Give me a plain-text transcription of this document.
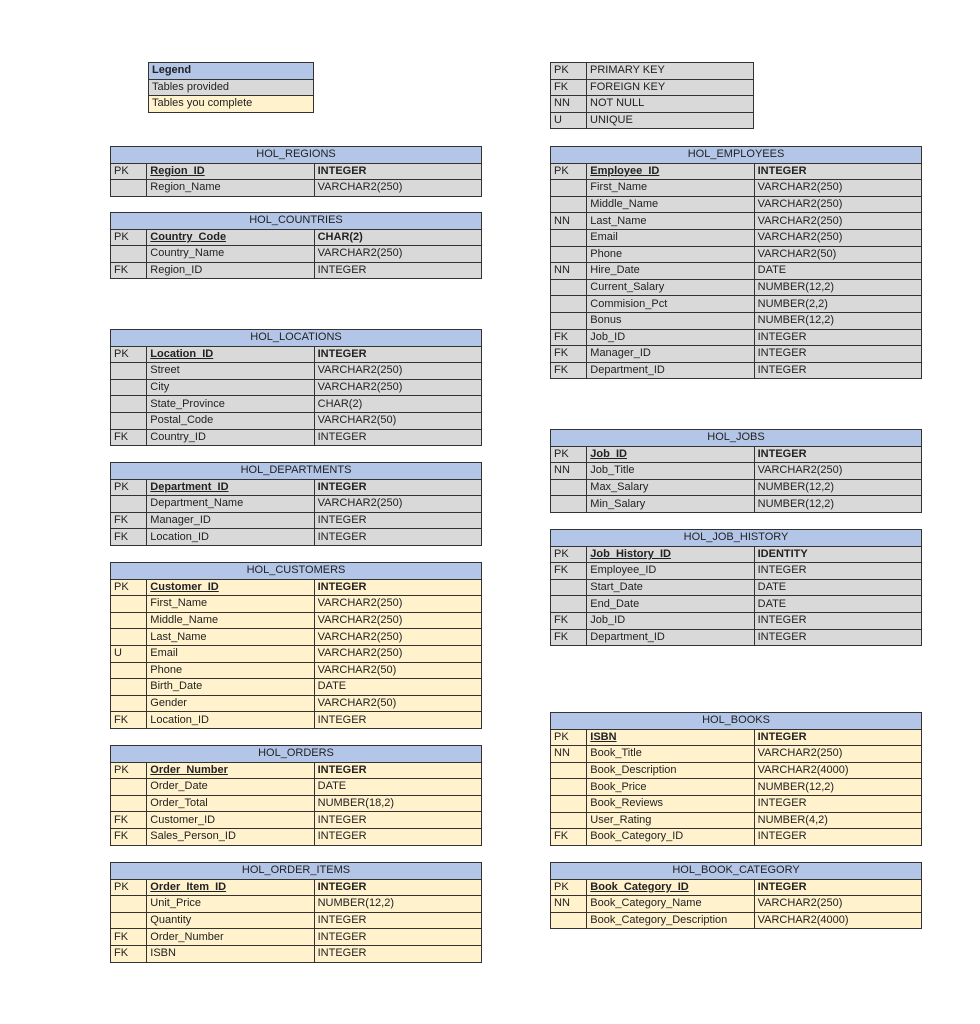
Legend
Tables provided
Tables you complete
PK	PRIMARY KEY
FK	FOREIGN KEY
NN	NOT NULL
U	UNIQUE
HOL_REGIONS		
PK	Region_ID	INTEGER
	Region_Name	VARCHAR2(250)
HOL_COUNTRIES		
PK	Country_Code	CHAR(2)
	Country_Name	VARCHAR2(250)
FK	Region_ID	INTEGER
HOL_LOCATIONS		
PK	Location_ID	INTEGER
	Street	VARCHAR2(250)
	City	VARCHAR2(250)
	State_Province	CHAR(2)
	Postal_Code	VARCHAR2(50)
FK	Country_ID	INTEGER
HOL_DEPARTMENTS		
PK	Department_ID	INTEGER
	Department_Name	VARCHAR2(250)
FK	Manager_ID	INTEGER
FK	Location_ID	INTEGER
HOL_CUSTOMERS		
PK	Customer_ID	INTEGER
	First_Name	VARCHAR2(250)
	Middle_Name	VARCHAR2(250)
	Last_Name	VARCHAR2(250)
U	Email	VARCHAR2(250)
	Phone	VARCHAR2(50)
	Birth_Date	DATE
	Gender	VARCHAR2(50)
FK	Location_ID	INTEGER
HOL_ORDERS		
PK	Order_Number	INTEGER
	Order_Date	DATE
	Order_Total	NUMBER(18,2)
FK	Customer_ID	INTEGER
FK	Sales_Person_ID	INTEGER
HOL_ORDER_ITEMS		
PK	Order_Item_ID	INTEGER
	Unit_Price	NUMBER(12,2)
	Quantity	INTEGER
FK	Order_Number	INTEGER
FK	ISBN	INTEGER
HOL_EMPLOYEES		
PK	Employee_ID	INTEGER
	First_Name	VARCHAR2(250)
	Middle_Name	VARCHAR2(250)
NN	Last_Name	VARCHAR2(250)
	Email	VARCHAR2(250)
	Phone	VARCHAR2(50)
NN	Hire_Date	DATE
	Current_Salary	NUMBER(12,2)
	Commision_Pct	NUMBER(2,2)
	Bonus	NUMBER(12,2)
FK	Job_ID	INTEGER
FK	Manager_ID	INTEGER
FK	Department_ID	INTEGER
HOL_JOBS		
PK	Job_ID	INTEGER
NN	Job_Title	VARCHAR2(250)
	Max_Salary	NUMBER(12,2)
	Min_Salary	NUMBER(12,2)
HOL_JOB_HISTORY		
PK	Job_History_ID	IDENTITY
FK	Employee_ID	INTEGER
	Start_Date	DATE
	End_Date	DATE
FK	Job_ID	INTEGER
FK	Department_ID	INTEGER
HOL_BOOKS		
PK	ISBN	INTEGER
NN	Book_Title	VARCHAR2(250)
	Book_Description	VARCHAR2(4000)
	Book_Price	NUMBER(12,2)
	Book_Reviews	INTEGER
	User_Rating	NUMBER(4,2)
FK	Book_Category_ID	INTEGER
HOL_BOOK_CATEGORY		
PK	Book_Category_ID	INTEGER
NN	Book_Category_Name	VARCHAR2(250)
	Book_Category_Description	VARCHAR2(4000)
